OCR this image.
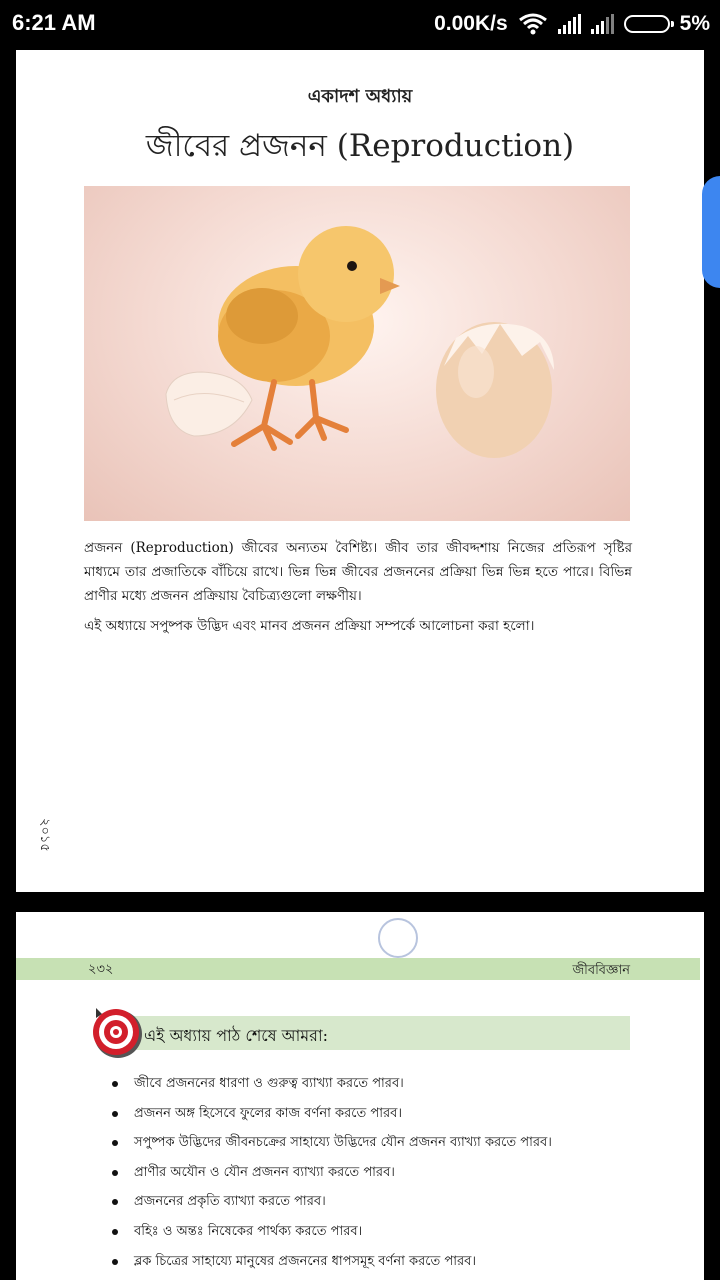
6:21 AM	0.00K/s	5%
একাদশ অধ্যায়
জীবের প্রজনন (Reproduction)

প্রজনন (Reproduction) জীবের অন্যতম বৈশিষ্ট্য। জীব তার জীবদ্দশায় নিজের প্রতিরূপ সৃষ্টির মাধ্যমে তার প্রজাতিকে বাঁচিয়ে রাখে। ভিন্ন ভিন্ন জীবের প্রজননের প্রক্রিয়া ভিন্ন ভিন্ন হতে পারে। বিভিন্ন প্রাণীর মধ্যে প্রজনন প্রক্রিয়ায় বৈচিত্র্যগুলো লক্ষণীয়।

এই অধ্যায়ে সপুষ্পক উদ্ভিদ এবং মানব প্রজনন প্রক্রিয়া সম্পর্কে আলোচনা করা হলো।

২০১৫
২৩২	জীববিজ্ঞান
এই অধ্যায় পাঠ শেষে আমরা:
জীবে প্রজননের ধারণা ও গুরুত্ব ব্যাখ্যা করতে পারব।
প্রজনন অঙ্গ হিসেবে ফুলের কাজ বর্ণনা করতে পারব।
সপুষ্পক উদ্ভিদের জীবনচক্রের সাহায্যে উদ্ভিদের যৌন প্রজনন ব্যাখ্যা করতে পারব।
প্রাণীর অযৌন ও যৌন প্রজনন ব্যাখ্যা করতে পারব।
প্রজননের প্রকৃতি ব্যাখ্যা করতে পারব।
বহিঃ ও অন্তঃ নিষেকের পার্থক্য করতে পারব।
ব্লক চিত্রের সাহায্যে মানুষের প্রজননের ধাপসমূহ বর্ণনা করতে পারব।
